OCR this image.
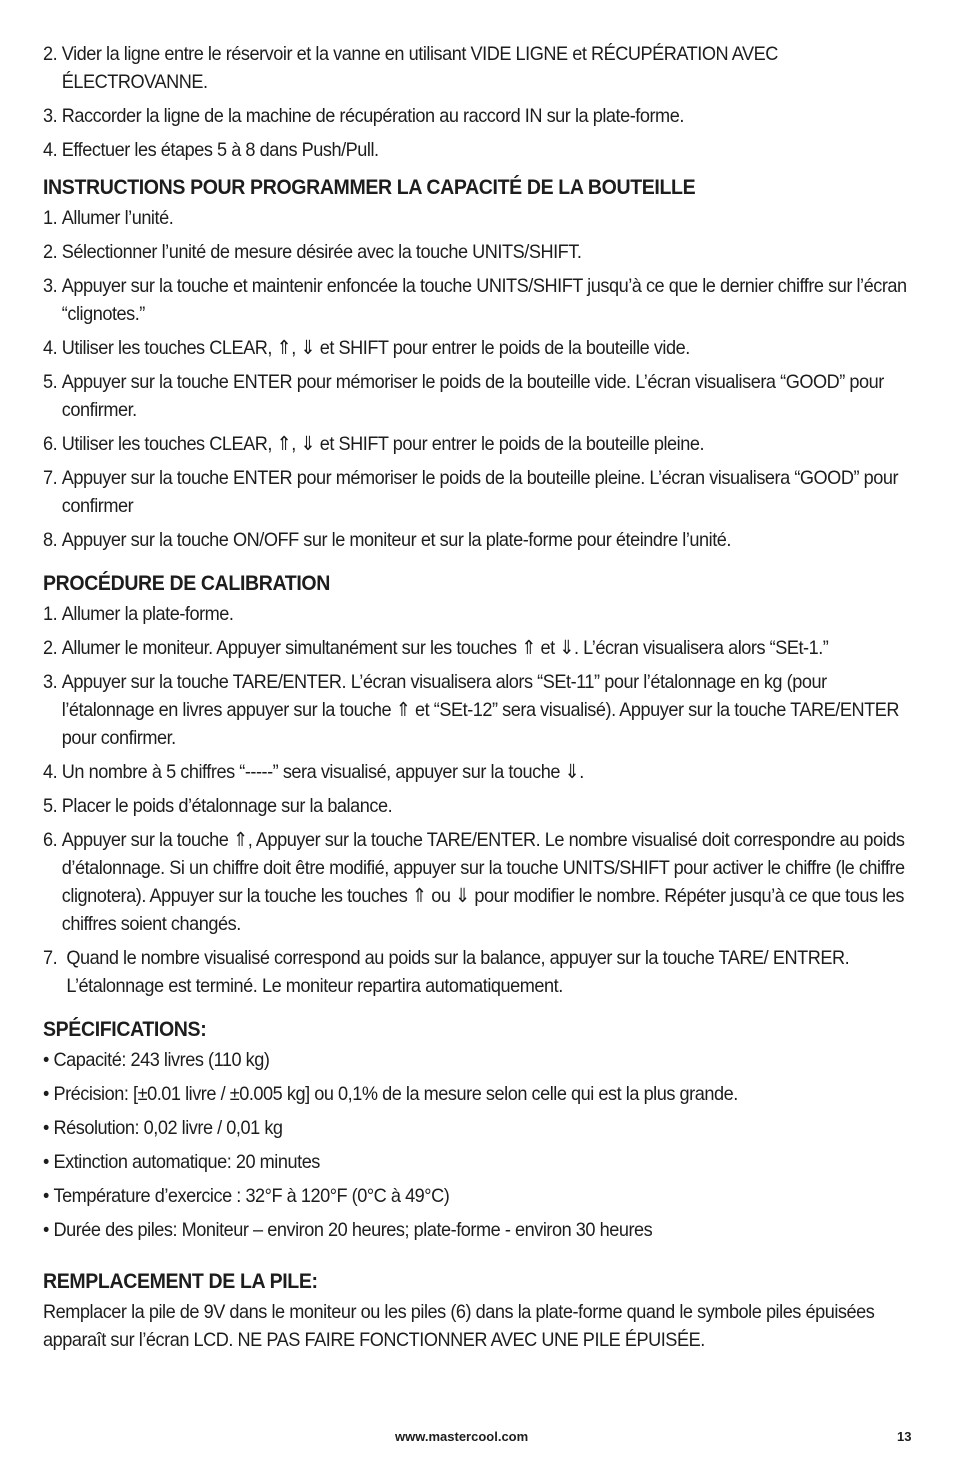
2. Vider la ligne entre le réservoir et la vanne en utilisant VIDE LIGNE et RÉCUPÉRATION AVEC ÉLECTROVANNE.
3. Raccorder la ligne de la machine de récupération au raccord IN sur la plate-forme.
4. Effectuer les étapes 5 à 8 dans Push/Pull.
INSTRUCTIONS POUR PROGRAMMER LA CAPACITÉ DE LA BOUTEILLE
1. Allumer l’unité.
2. Sélectionner l’unité de mesure désirée avec la touche UNITS/SHIFT.
3. Appuyer sur la touche et maintenir enfoncée la touche UNITS/SHIFT jusqu’à ce que le dernier chiffre sur l’écran “clignotes.”
4. Utiliser les touches CLEAR, ⇑, ⇓ et SHIFT pour entrer le poids de la bouteille vide.
5. Appuyer sur la touche ENTER pour mémoriser le poids de la bouteille vide. L’écran visualisera “GOOD” pour confirmer.
6. Utiliser les touches CLEAR, ⇑, ⇓ et SHIFT pour entrer le poids de la bouteille pleine.
7. Appuyer sur la touche ENTER pour mémoriser le poids de la bouteille pleine. L’écran visualisera “GOOD” pour confirmer
8. Appuyer sur la touche ON/OFF sur le moniteur et sur la plate-forme pour éteindre l’unité.
PROCÉDURE DE CALIBRATION
1. Allumer la plate-forme.
2. Allumer le moniteur. Appuyer simultanément sur les touches ⇑ et ⇓. L’écran visualisera alors “SEt-1.”
3. Appuyer sur la touche TARE/ENTER. L’écran visualisera alors “SEt-11” pour l’étalonnage en kg (pour l’étalonnage en livres appuyer sur la touche ⇑ et “SEt-12” sera visualisé). Appuyer sur la touche TARE/ENTER pour confirmer.
4. Un nombre à 5 chiffres “-----” sera visualisé, appuyer sur la touche ⇓.
5. Placer le poids d’étalonnage sur la balance.
6. Appuyer sur la touche ⇑, Appuyer sur la touche TARE/ENTER. Le nombre visualisé doit correspondre au poids d’étalonnage. Si un chiffre doit être modifié, appuyer sur la touche UNITS/SHIFT pour activer le chiffre (le chiffre clignotera). Appuyer sur la touche les touches ⇑ ou ⇓ pour modifier le nombre. Répéter jusqu’à ce que tous les chiffres soient changés.
7. Quand le nombre visualisé correspond au poids sur la balance, appuyer sur la touche TARE/ ENTRER. L’étalonnage est terminé. Le moniteur repartira automatiquement.
SPÉCIFICATIONS:
• Capacité: 243 livres (110 kg)
• Précision: [±0.01 livre / ±0.005 kg] ou 0,1% de la mesure selon celle qui est la plus grande.
• Résolution: 0,02 livre / 0,01 kg
• Extinction automatique: 20 minutes
• Température d’exercice : 32°F à 120°F (0°C à 49°C)
• Durée des piles: Moniteur – environ 20 heures; plate-forme - environ 30 heures
REMPLACEMENT DE LA PILE:

Remplacer la pile de 9V dans le moniteur ou les piles (6) dans la plate-forme quand le symbole piles épuisées apparaît sur l’écran LCD. NE PAS FAIRE FONCTIONNER AVEC UNE PILE ÉPUISÉE.

www.mastercool.com	13
